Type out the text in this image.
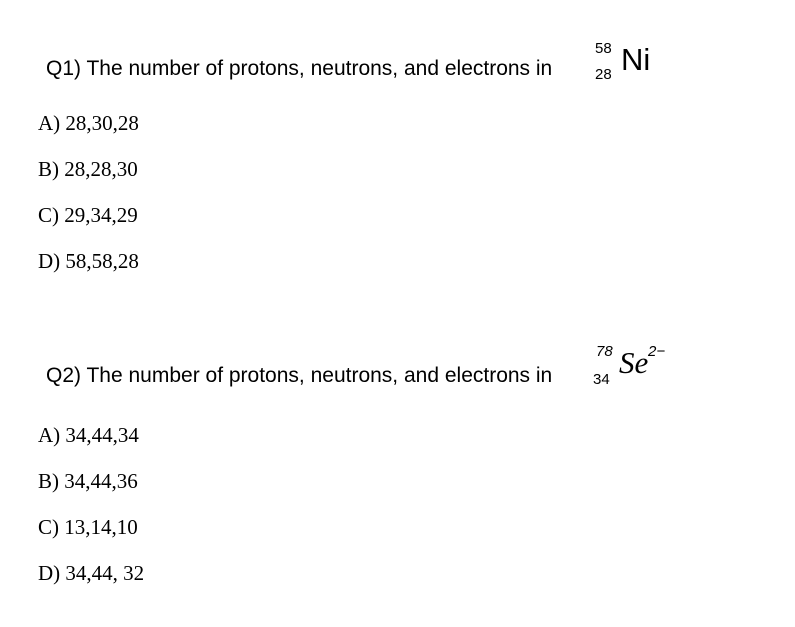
Q1) The number of protons, neutrons, and electrons in
58
28 Ni
A) 28,30,28
B) 28,28,30
C) 29,34,29
D) 58,58,28
Q2) The number of protons, neutrons, and electrons in
78
34 Se 2−
A) 34,44,34
B) 34,44,36
C) 13,14,10
D) 34,44, 32
